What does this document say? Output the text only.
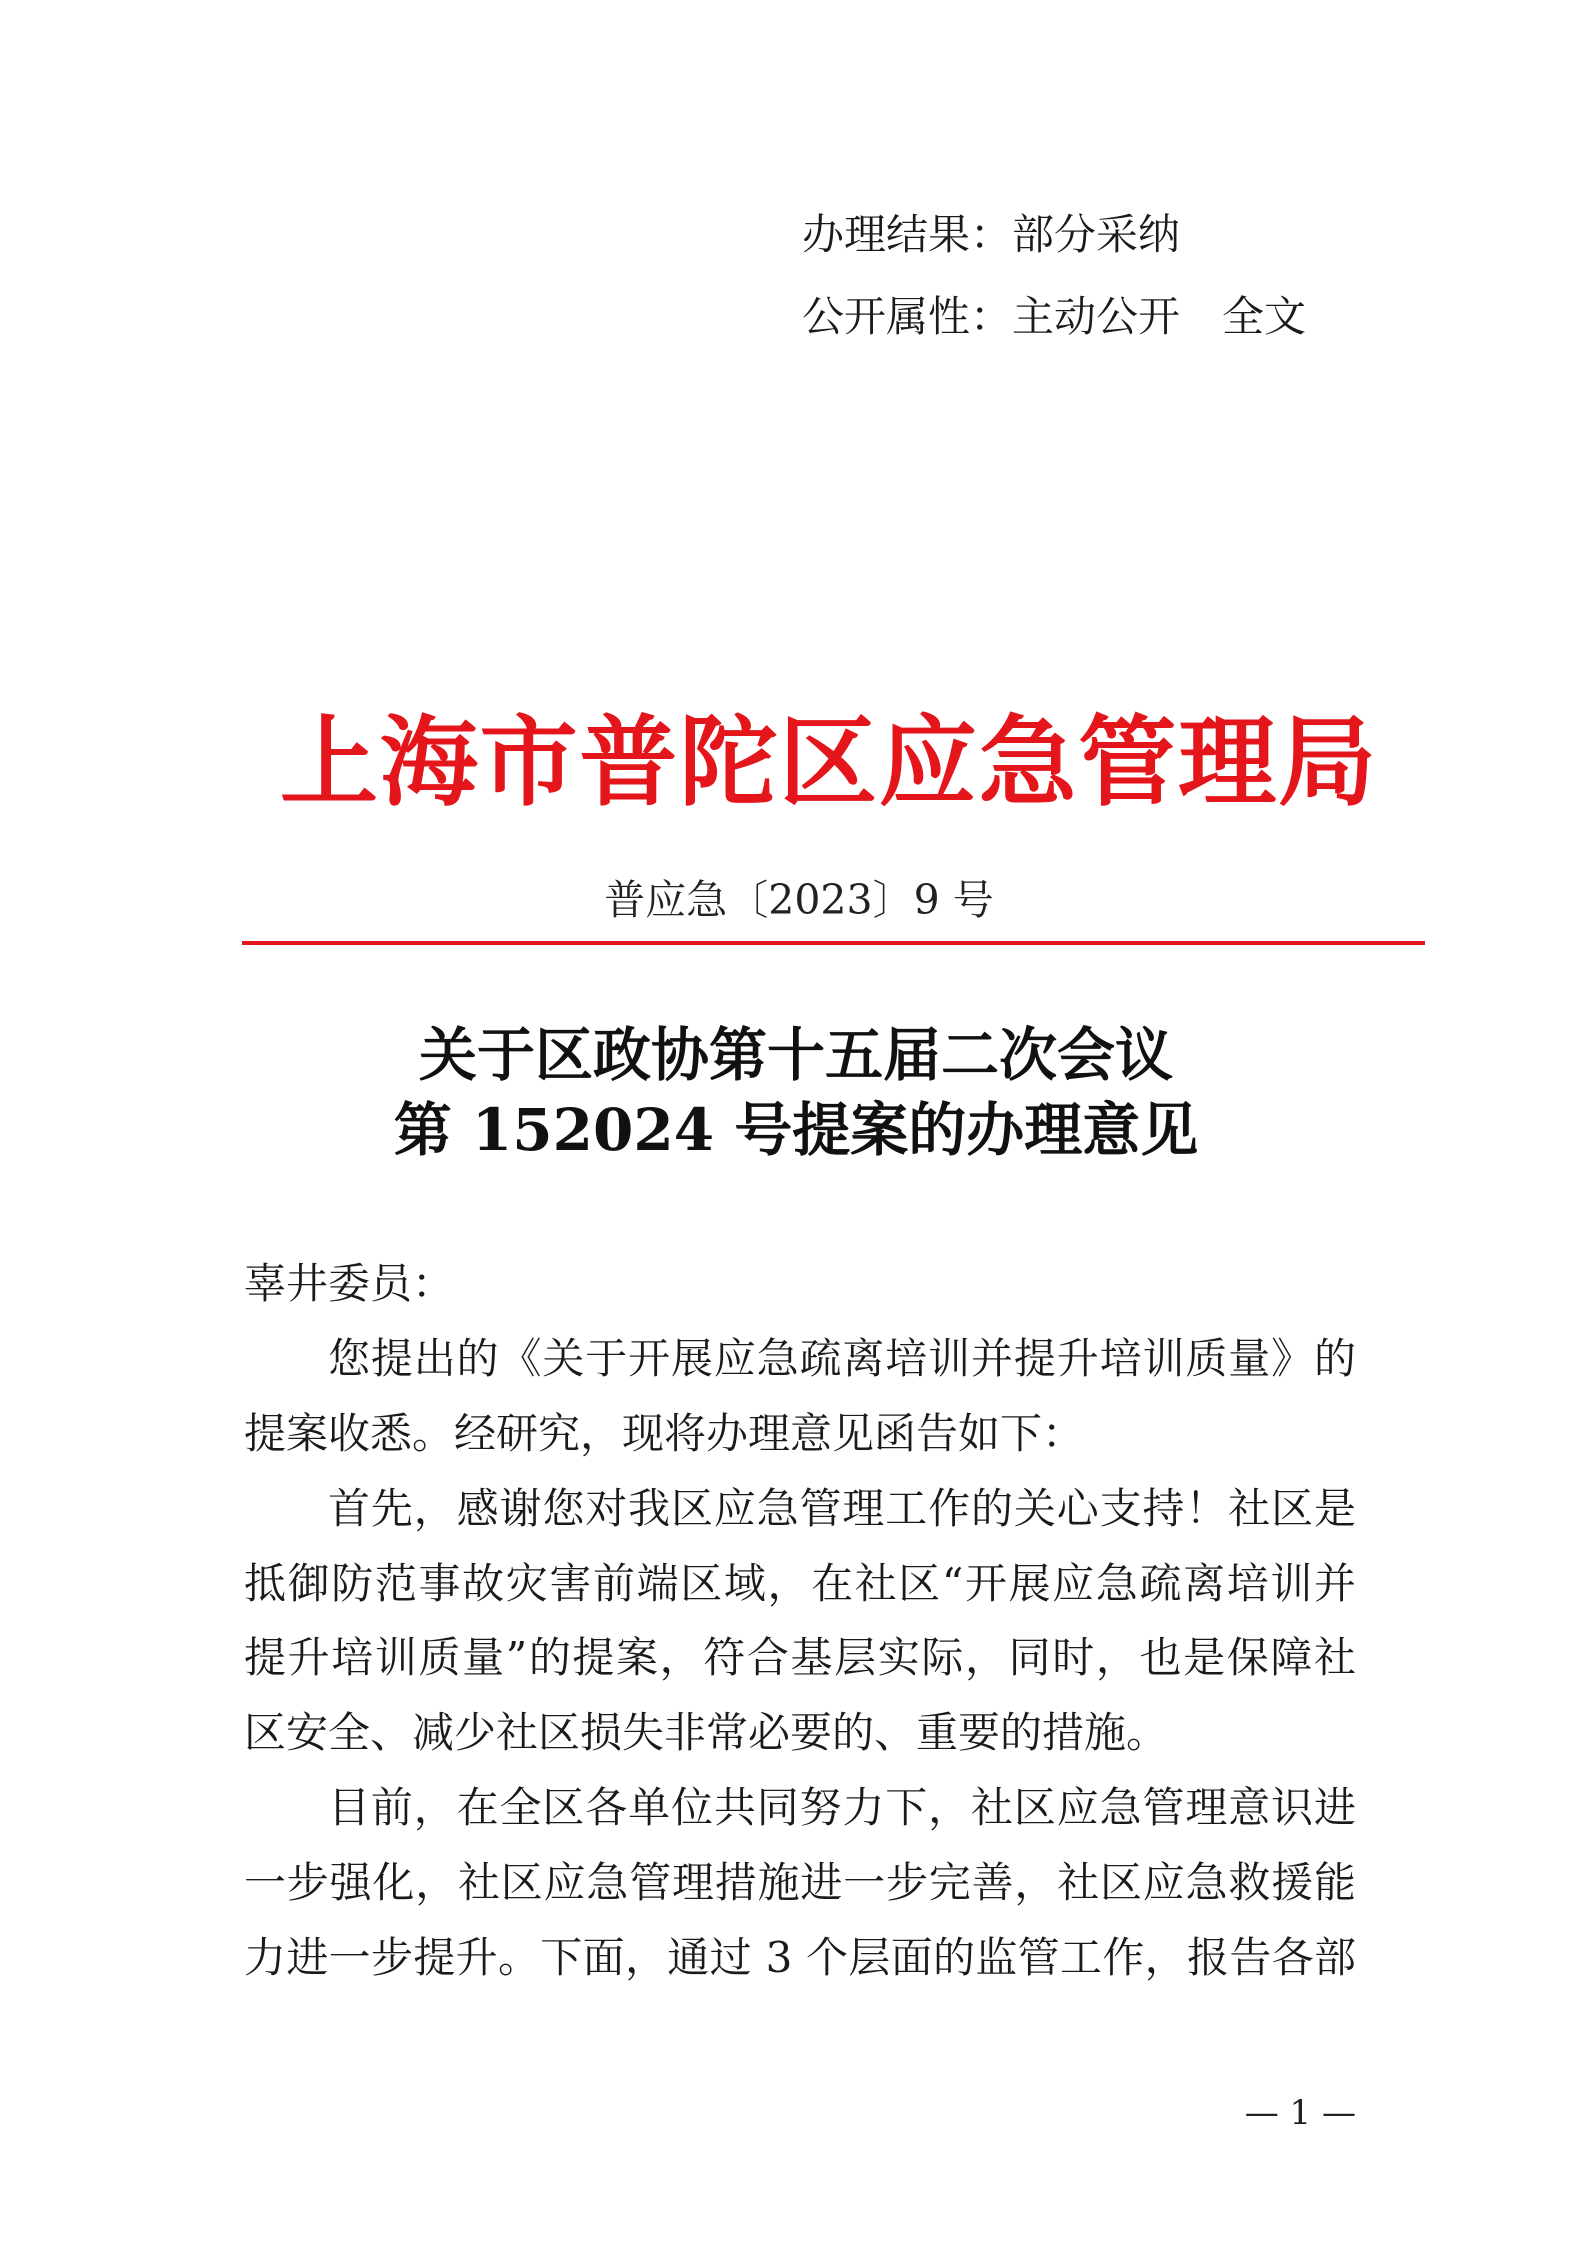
办理结果：部分采纳
公开属性：主动公开 全文
上海市普陀区应急管理局
普应急〔2023〕9 号
关于区政协第十五届二次会议
第 152024 号提案的办理意见
辜井委员：
您提出的《关于开展应急疏离培训并提升培训质量》的
提案收悉。经研究，现将办理意见函告如下：
首先，感谢您对我区应急管理工作的关心支持！社区是
抵御防范事故灾害前端区域，在社区“开展应急疏离培训并
提升培训质量”的提案，符合基层实际，同时，也是保障社
区安全、减少社区损失非常必要的、重要的措施。
目前，在全区各单位共同努力下，社区应急管理意识进
一步强化，社区应急管理措施进一步完善，社区应急救援能
力进一步提升。下面，通过 3 个层面的监管工作，报告各部
— 1 —
